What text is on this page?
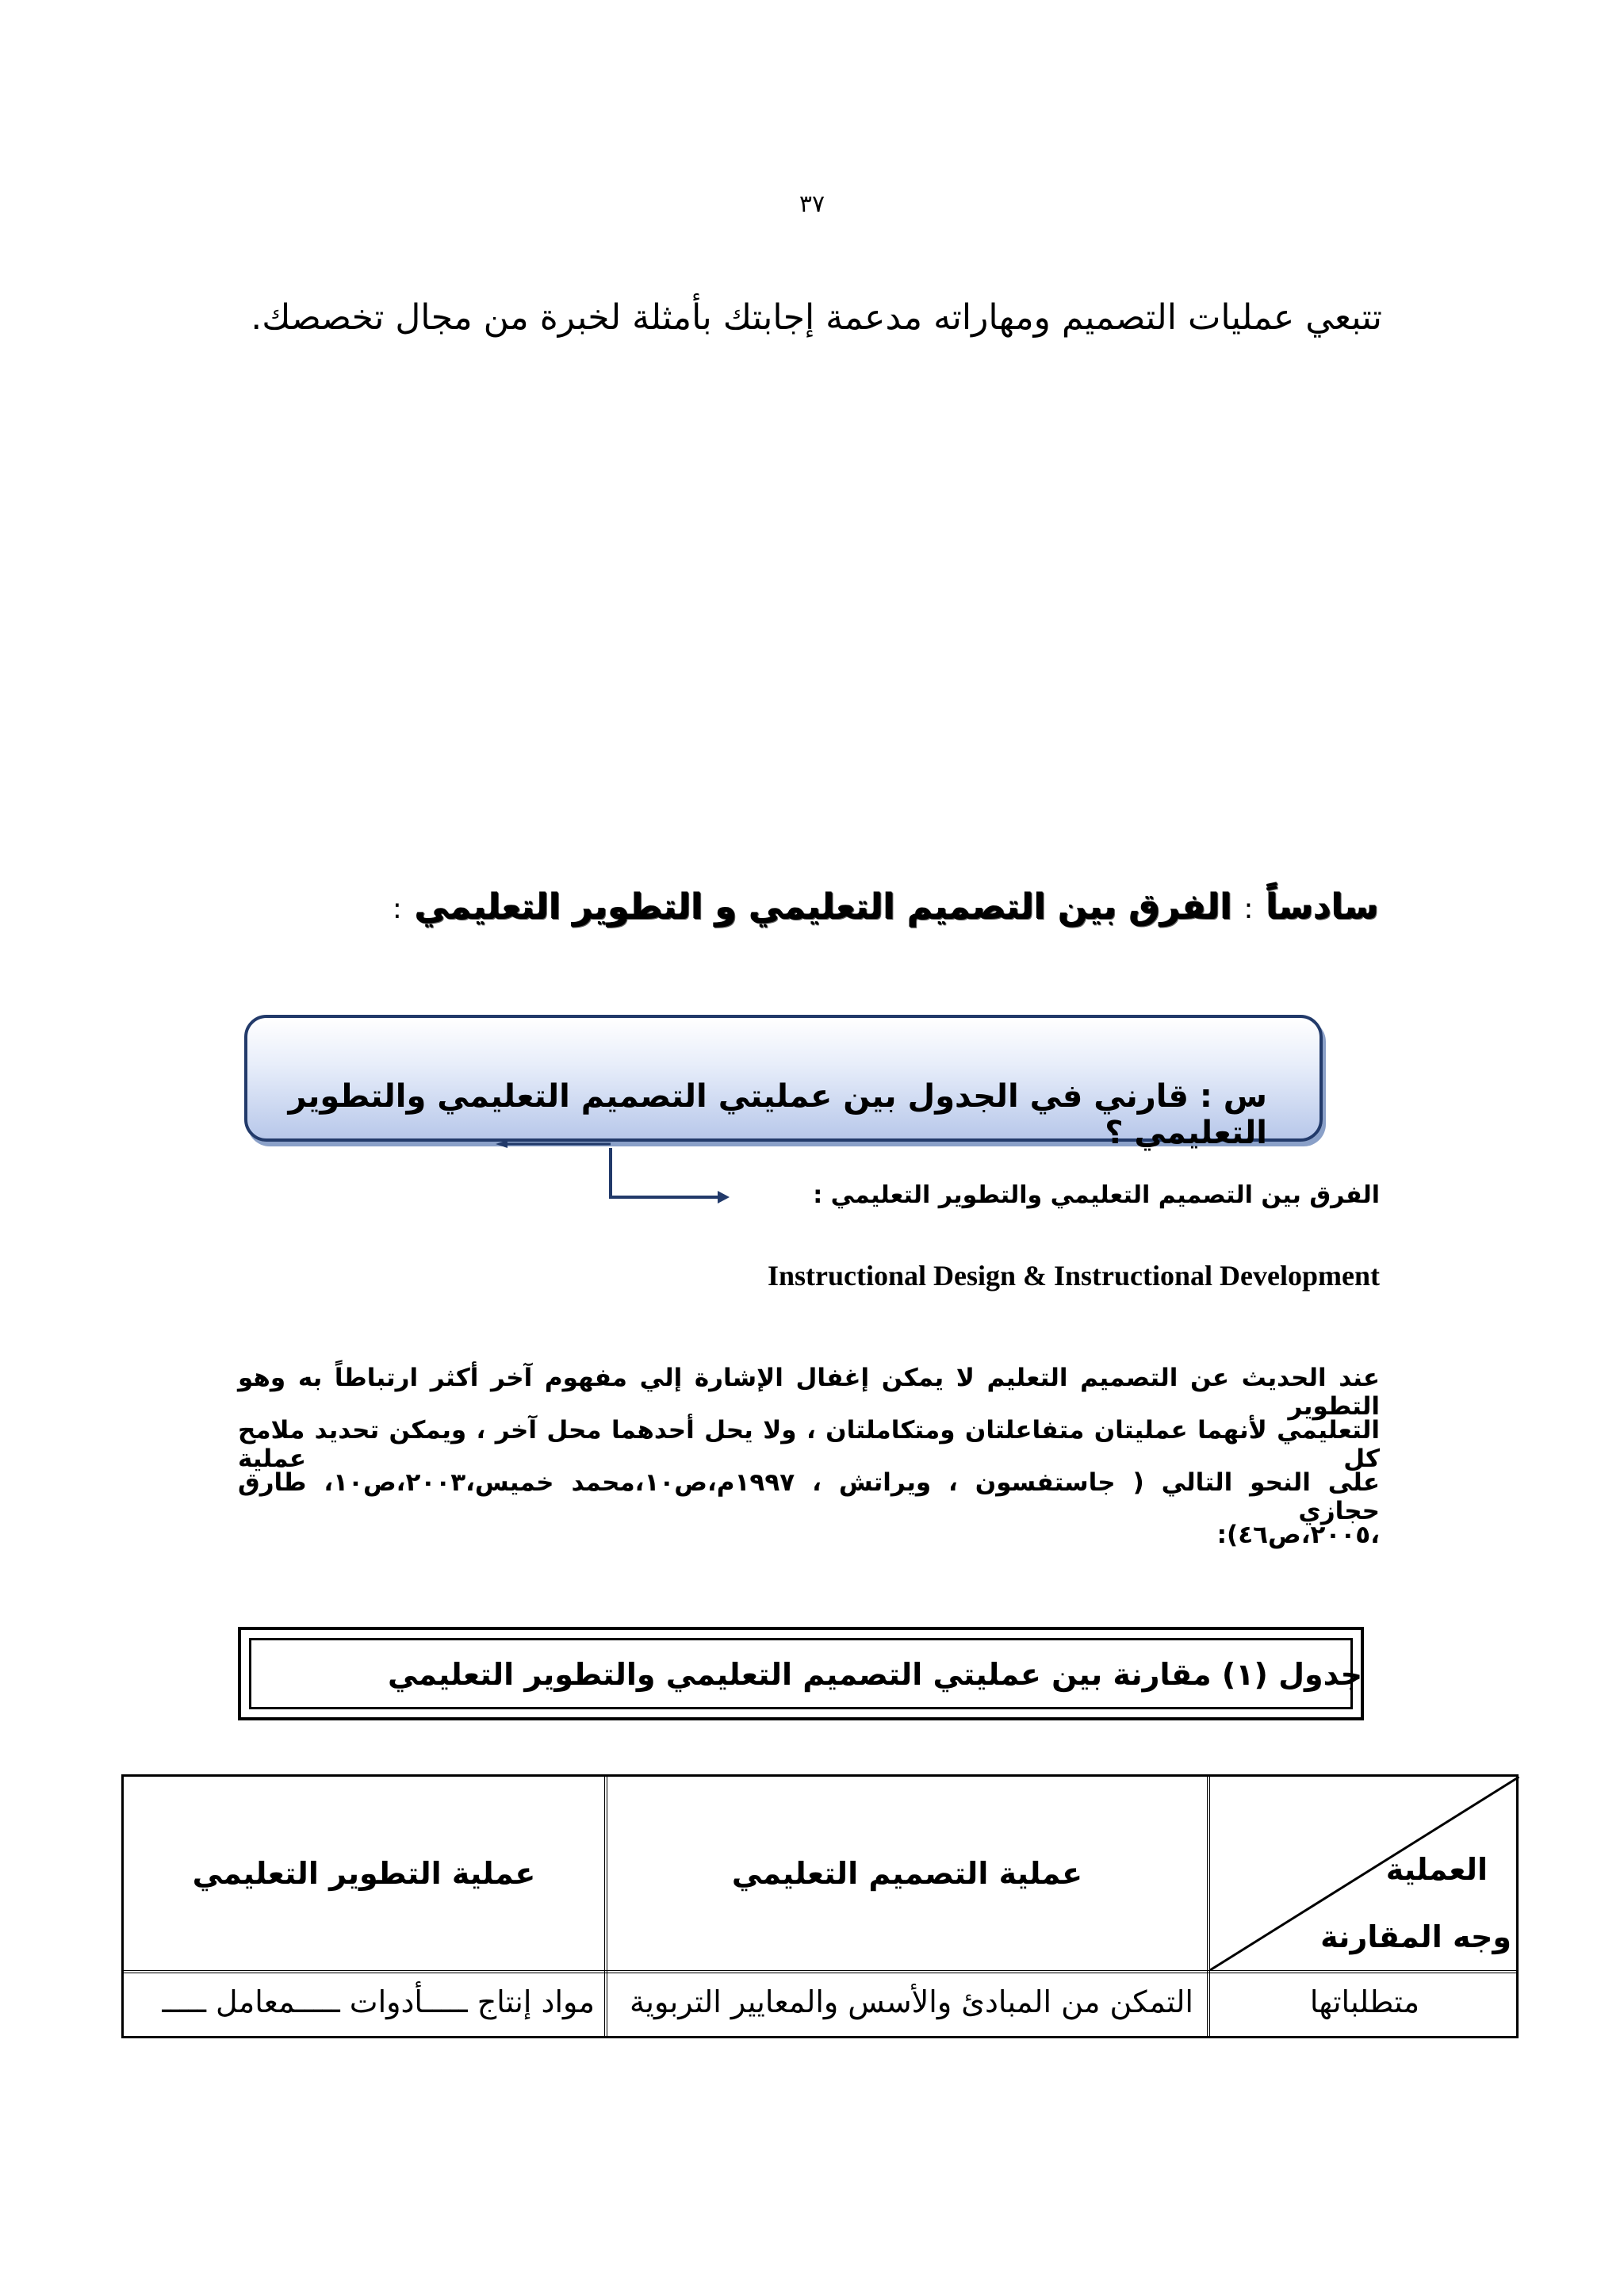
٣٧
تتبعي عمليات التصميم ومهاراته مدعمة إجابتك بأمثلة لخبرة من مجال تخصصك.
سادساً : الفرق بين التصميم التعليمي و التطوير التعليمي :
س : قارني في الجدول بين عمليتي التصميم التعليمي والتطوير التعليمي ؟
الفرق بين التصميم التعليمي والتطوير التعليمي :
Instructional Design & Instructional Development
عند الحديث عن التصميم التعليم لا يمكن إغفال الإشارة إلي مفهوم آخر أكثر ارتباطاً به وهو التطوير
التعليمي لأنهما عمليتان متفاعلتان ومتكاملتان ، ولا يحل أحدهما محل آخر ، ويمكن تحديد ملامح كل عملية
على النحو التالي ( جاستفسون ، ويراتش ، ١٩٩٧م،ص١٠،محمد خميس،٢٠٠٣،ص١٠، طارق حجازي
،٢٠٠٥،ص٤٦):
جدول (١) مقارنة بين عمليتي التصميم التعليمي والتطوير التعليمي
العملية
وجه المقارنة
عملية التصميم التعليمي
عملية التطوير التعليمي
متطلباتها
التمكن من المبادئ والأسس والمعايير التربوية
مواد إنتاج ـــــأدوات ـــــمعامل ـــــ
